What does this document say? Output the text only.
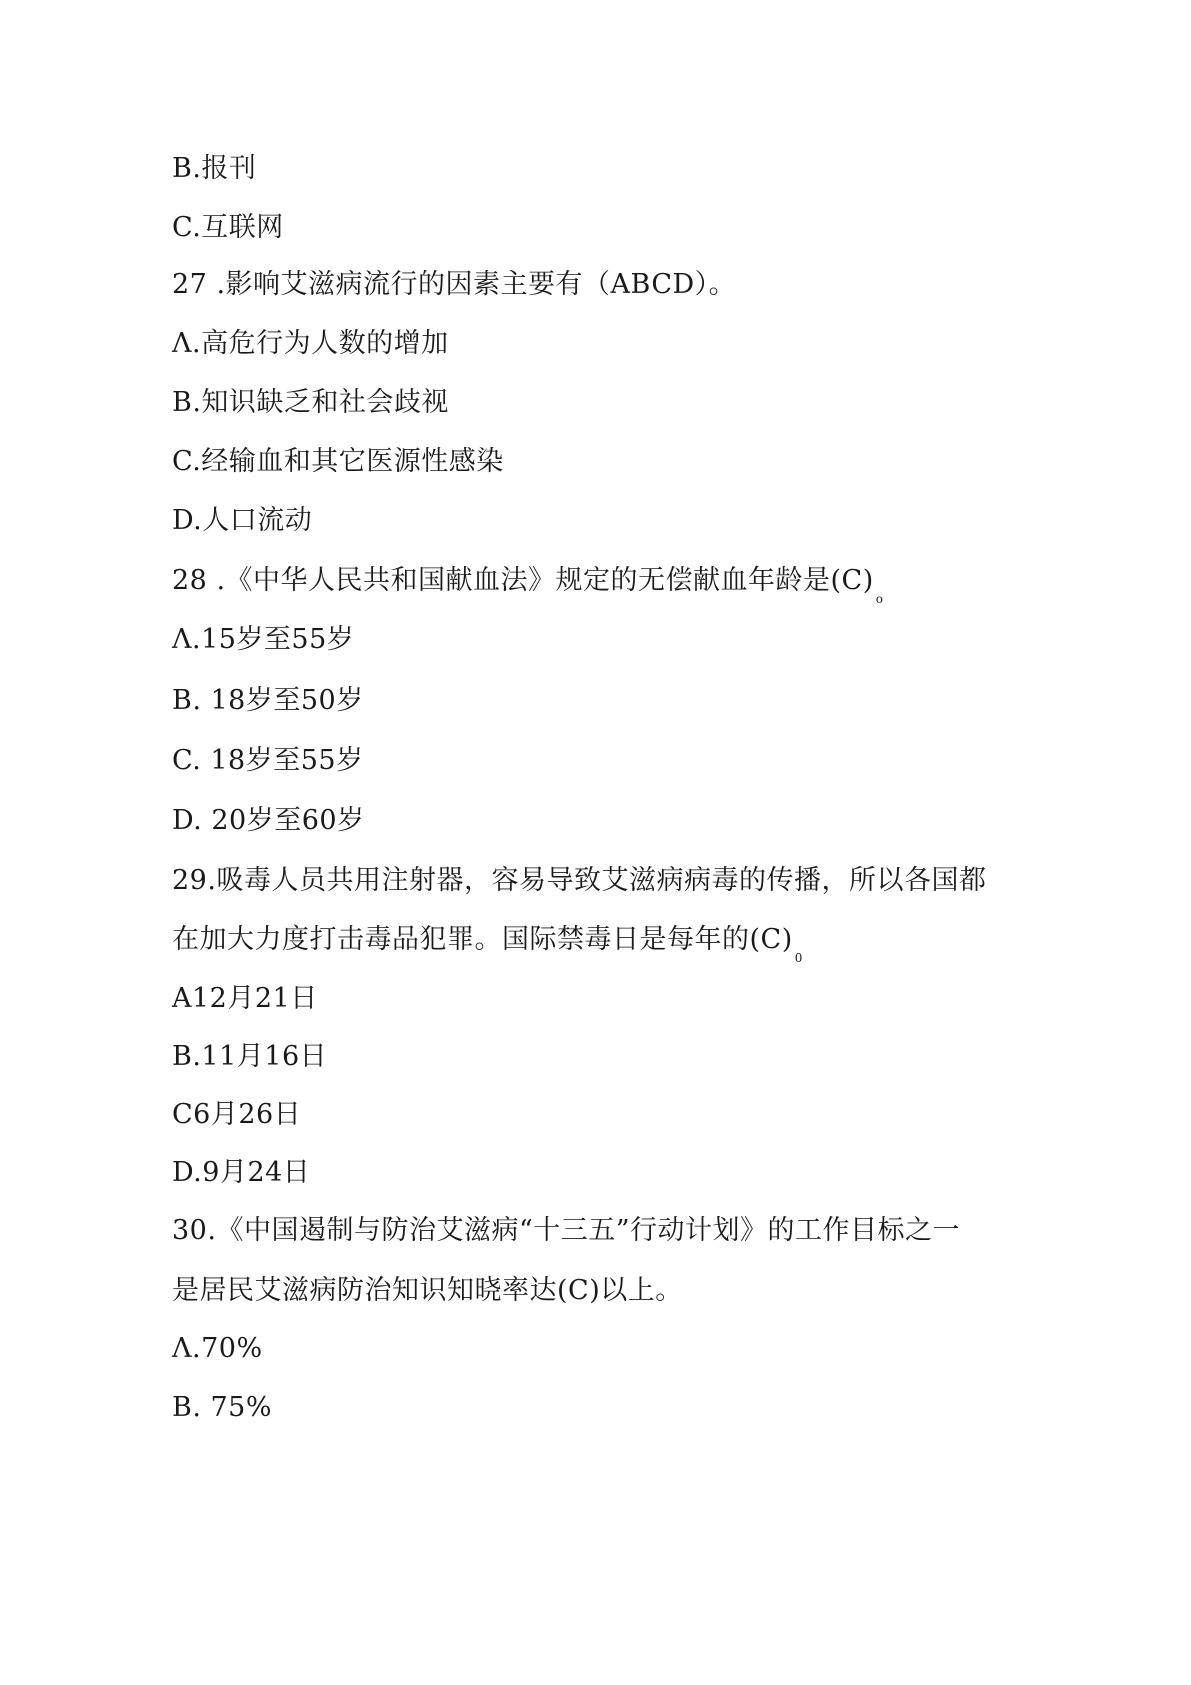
B.报刊
C.互联网
27 .影响艾滋病流行的因素主要有（ABCD）。
Λ.高危行为人数的增加
B.知识缺乏和社会歧视
C.经输血和其它医源性感染
D.人口流动
28 .《中华人民共和国献血法》规定的无偿献血年龄是$(C)_o$
Λ.15岁至55岁
B. 18岁至50岁
C. 18岁至55岁
D. 20岁至60岁
29.吸毒人员共用注射器，容易导致艾滋病病毒的传播，所以各国都
在加大力度打击毒品犯罪。国际禁毒日是每年的$(C)_0$
A12月21日
B.11月16日
C6月26日
D.9月24日
30.《中国遏制与防治艾滋病“十三五”行动计划》的工作目标之一
是居民艾滋病防治知识知晓率达(C)以上。
Λ.70%
B. 75%
